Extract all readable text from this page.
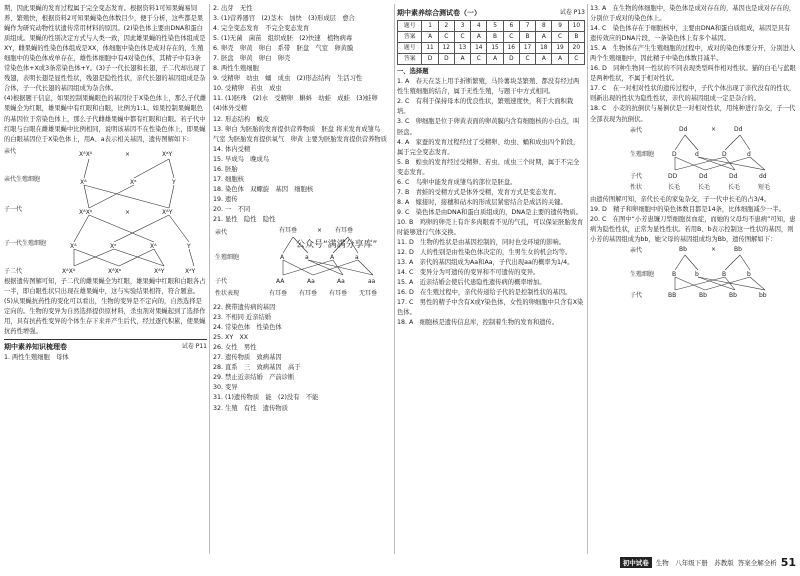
期，因此果蝇的发育过程属于完全变态发育。根据资料1可知果蝇易饲养、繁殖快，根据资料2可知果蝇染色体数目少，便于分析，这些都是果蝇作为研究动物性状遗传常用材料的原因。(2)染色体主要由DNA和蛋白质组成。果蝇的性别决定方式与人类一致，因此雄果蝇的性染色体组成是XY，雌果蝇的性染色体组成是XX，体细胞中染色体是成对存在的，生殖细胞中的染色体成单存在，雄性体细胞中有4对染色体，其精子中有3条常染色体+X或3条常染色体+Y。(3)子一代长翅和长翅，子二代却出现了残翅，表明长翅是显性性状，残翅是隐性性状，亲代长翅的基因组成是杂合体，子一代长翅的基因组成为杂合体。

(4)根据题干信息，如果控制果蝇眼色的基因位于X染色体上，那么子代雌果蝇全为红眼，雄果蝇中有红眼和白眼，比例为1:1。如果控制果蝇眼色的基因位于常染色体上，那么子代雌雄果蝇中都有红眼和白眼。若子代中红眼与白眼在雌雄果蝇中比例相同，说明该基因不在性染色体上，即果蝇的白眼基因位于X染色体上，用A、a表示相关基因，遗传图解如下：

亲代
亲代生殖细胞
子一代
子一代生殖细胞
子二代
XᴬXᴬ	×	XᵃY
Xᴬ	Xᵃ	Y
XᴬXᵃ	×	XᴬY
Xᴬ	Xᵃ	Xᴬ	Y
XᴬXᴬ	XᴬXᵃ	XᴬY	XᵃY

根据遗传图解可知，子二代的雌果蝇全为红眼，雄果蝇中红眼和白眼各占一半，即白眼性状只出现在雄果蝇中，这与实验结果相符，符合题意。(5)从果蝇抗药性的变化可以看出，生物的变异是不定向的，自然选择是定向的。生物的变异为自然选择提供原材料，杀虫剂对果蝇起到了选择作用，具有抗药性变异的个体生存下来并产生后代，经过逐代积累，使果蝇抗药性增强。

期中素养知识梳理卷	试卷 P11

1. 两性生殖细胞　母体

2. 出芽　无性

3. (1)营养器官　(2)茎木　加快　(3)形成层　愈合

4. 完全变态发育　不完全变态发育

5. (1)无菌　菌苗　组织成胚　(2)快速　植物病毒

6. 卵壳　卵黄　卵白　系带　胚盘　气室　卵黄膜

7. 胚盘　卵黄　卵白　卵壳

8. 两性生殖细胞

9. 受精卵　幼虫　蛹　成虫　(2)形态结构　生活习性

10. 受精卵　若虫　成虫

11. (1)胚珠　(2)水　受精卵　蝌蚪　幼蛙　成蛙　(3)蛙卵　(4)体外受精

12. 形态结构　蜕皮

13. 卵白 为胚胎的发育提供营养物质　胚盘 将来发育成雏鸟　气室 为胚胎发育提供氧气　卵黄 主要为胚胎发育提供营养物质

14. 体内受精

15. 早成鸟　晚成鸟

16. 胚胎

17. 细胞核

18. 染色体　双螺旋　基因　细胞核

19. 遗传

20. 一　不同

21. 显性　隐性　隐性

亲代
生殖细胞
子代
性状表现
有耳垂	× 有耳垂
A	a	A	a
AA	Aa	Aa	aa
有耳垂 有耳垂 有耳垂 无耳垂

22. 携带遗传病的基因

23. 不相同 近亲结婚

24. 常染色体　性染色体

25. XY　XX

26. 女性　男性

27. 遗传物质　致病基因

28. 直系　三　致病基因　高于

29. 禁止近亲结婚　产前诊断

30. 变异

31. (1)遗传物质　能　(2)没有　不能

32. 生殖　有性　遗传物质

公众号“满满分享库”
期中素养综合测试卷（一）	试卷 P13
题号	1	2	3	4	5	6	7	8	9	10
答案	A	C	C	A	B	C	B	A	C	B
题号	11	12	13	14	15	16	17	18	19	20
答案	D	D	A	C	A	D	C	A	A	C

一、选择题

1. A　春天在茎上用手折断繁殖，马铃薯块茎繁殖、都没有经过两性生殖细胞的结合，属于无性生殖，与题干中方式相同。

2. C　有利于保持母本的优良性状，繁殖速度快，利于大面积栽培。

3. C　卵细胞是位于卵黄表面的卵黄膜内含有细胞核的小白点，叫胚盘。

4. A　家蚕的发育过程经过了受精卵、幼虫、蛹和成虫四个阶段，属于完全变态发育。

5. B　蝗虫的发育经过受精卵、若虫、成虫三个时期，属于不完全变态发育。

6. C　鸟卵中能发育成雏鸟的部位是胚盘。

7. B　青蛙的受精方式是体外受精，发育方式是变态发育。

8. A　嫁接时，接穗和砧木的形成层紧密结合是成活的关键。

9. C　染色体是由DNA和蛋白质组成的，DNA是主要的遗传物质。

10. B　鸡卵的卵壳上有许多肉眼看不见的气孔，可以保证胚胎发育时能够进行气体交换。

11. D　生物的性状是由基因控制的，同时也受环境的影响。

12. D　人的性别是由性染色体决定的，生男生女的机会均等。

13. A　亲代的基因组成为Aa和Aa，子代出现aa的概率为1/4。

14. C　变异分为可遗传的变异和不可遗传的变异。

15. A　近亲结婚会使后代患隐性遗传病的概率增加。

16. D　在生殖过程中，亲代传递给子代的是控制性状的基因。

17. C　男性的精子中含有X或Y染色体，女性的卵细胞中只含有X染色体。

18. A　细胞核是遗传信息库，控制着生物的发育和遗传。

13. A　在生物的体细胞中，染色体是成对存在的，基因也是成对存在的，分别位于成对的染色体上。

14. C　染色体存在于细胞核中，主要由DNA和蛋白质组成，基因是具有遗传效应的DNA片段，一条染色体上有多个基因。

15. A　生物体在产生生殖细胞的过程中，成对的染色体要分开，分别进入两个生殖细胞中，因此精子中染色体数目减半。

16. D　同种生物同一性状的不同表现类型叫作相对性状。猫的白毛与蓝眼是两种性状，不属于相对性状。

17. C　在一对相对性状的遗传过程中，子代个体出现了亲代没有的性状，则新出现的性状为隐性性状，亲代的基因组成一定是杂合的。

18. C　小麦的抗倒伏与易倒伏是一对相对性状，用纯种进行杂交，子一代全部表现为抗倒伏。

亲代
生殖细胞
子代
性状
Dd	×	Dd
D	d	D	d
DD	Dd	Dd	dd
长毛	长毛	长毛	短毛

由遗传图解可知，亲代长毛的家兔杂交，子一代中长毛的占3/4。

19. D　精子和卵细胞中的染色体数目都是14条，比体细胞减少一半。

20. C　在图中“小芳患镰刀型细胞贫血症，而她的父母均不患病”可知，患病为隐性性状，正常为显性性状。若用B、b表示控制这一性状的基因，则小芳的基因组成为bb，她父母的基因组成均为Bb，遗传图解如下：

亲代
生殖细胞
子代
Bb	×	Bb
B	b	B	b
BB	Bb	Bb	bb
初中试卷	生物　八年级下册　苏教版 答案全解全析 51
